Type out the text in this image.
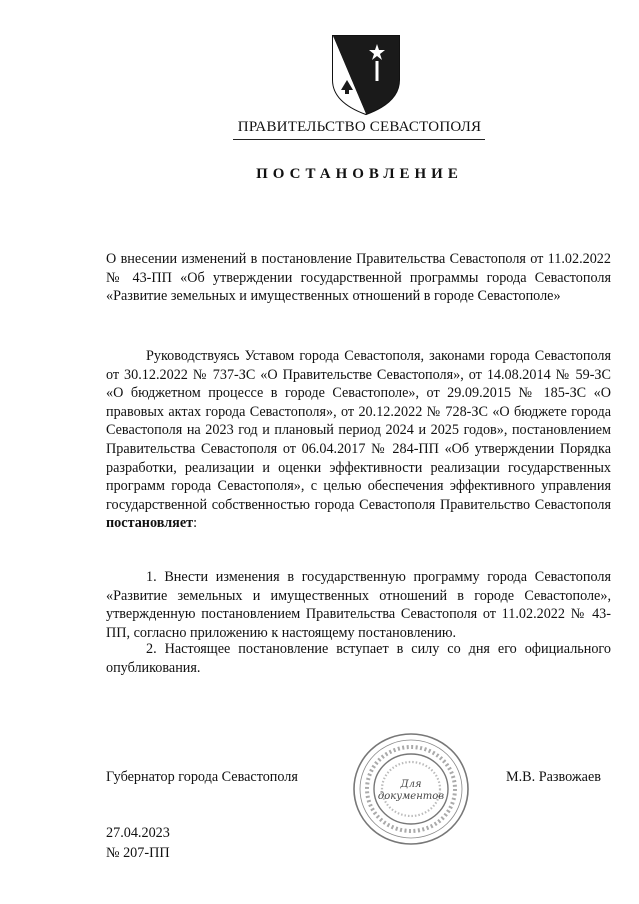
ПРАВИТЕЛЬСТВО СЕВАСТОПОЛЯ
ПОСТАНОВЛЕНИЕ
О внесении изменений в постановление Правительства Севастополя от 11.02.2022 № 43-ПП «Об утверждении государственной программы города Севастополя «Развитие земельных и имущественных отношений в городе Севастополе»
Руководствуясь Уставом города Севастополя, законами города Севастополя от 30.12.2022 № 737-ЗС «О Правительстве Севастополя», от 14.08.2014 № 59-ЗС «О бюджетном процессе в городе Севастополе», от 29.09.2015 № 185-ЗС «О правовых актах города Севастополя», от 20.12.2022 № 728-ЗС «О бюджете города Севастополя на 2023 год и плановый период 2024 и 2025 годов», постановлением Правительства Севастополя от 06.04.2017 № 284-ПП «Об утверждении Порядка разработки, реализации и оценки эффективности реализации государственных программ города Севастополя», с целью обеспечения эффективного управления государственной собственностью города Севастополя Правительство Севастополя постановляет:
1. Внести изменения в государственную программу города Севастополя «Развитие земельных и имущественных отношений в городе Севастополе», утвержденную постановлением Правительства Севастополя от 11.02.2022 № 43-ПП, согласно приложению к настоящему постановлению.
2. Настоящее постановление вступает в силу со дня его официального опубликования.
Губернатор города Севастополя	Для
документов
М.В. Развожаев
27.04.2023
№ 207-ПП
